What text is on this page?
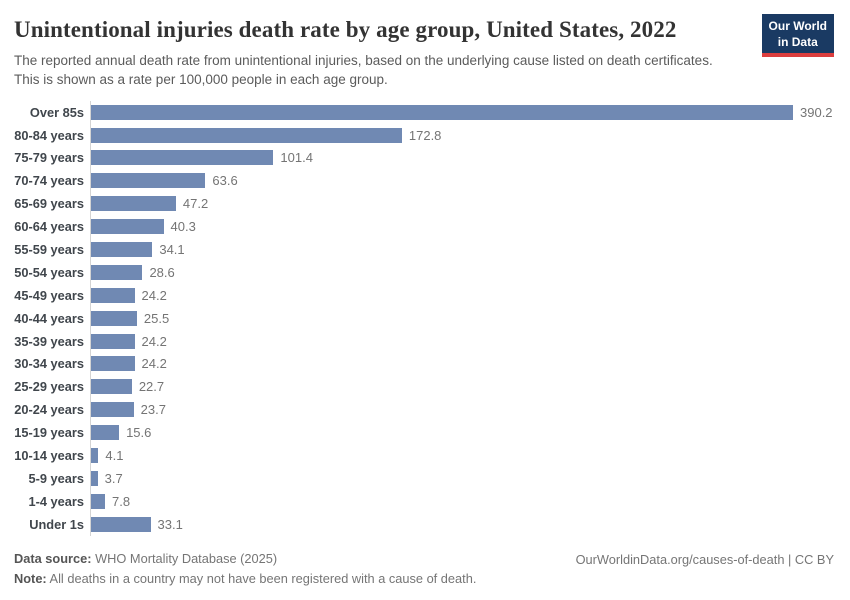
Unintentional injuries death rate by age group, United States, 2022
The reported annual death rate from unintentional injuries, based on the underlying cause listed on death certificates. This is shown as a rate per 100,000 people in each age group.
Our World
in Data
Over 85s	390.2
80-84 years	172.8
75-79 years	101.4
70-74 years	63.6
65-69 years	47.2
60-64 years	40.3
55-59 years	34.1
50-54 years	28.6
45-49 years	24.2
40-44 years	25.5
35-39 years	24.2
30-34 years	24.2
25-29 years	22.7
20-24 years	23.7
15-19 years	15.6
10-14 years 4.1
5-9 years 3.7
1-4 years 7.8
Under 1s	33.1
Data source: WHO Mortality Database (2025)
Note: All deaths in a country may not have been registered with a cause of death.
OurWorldinData.org/causes-of-death | CC BY
